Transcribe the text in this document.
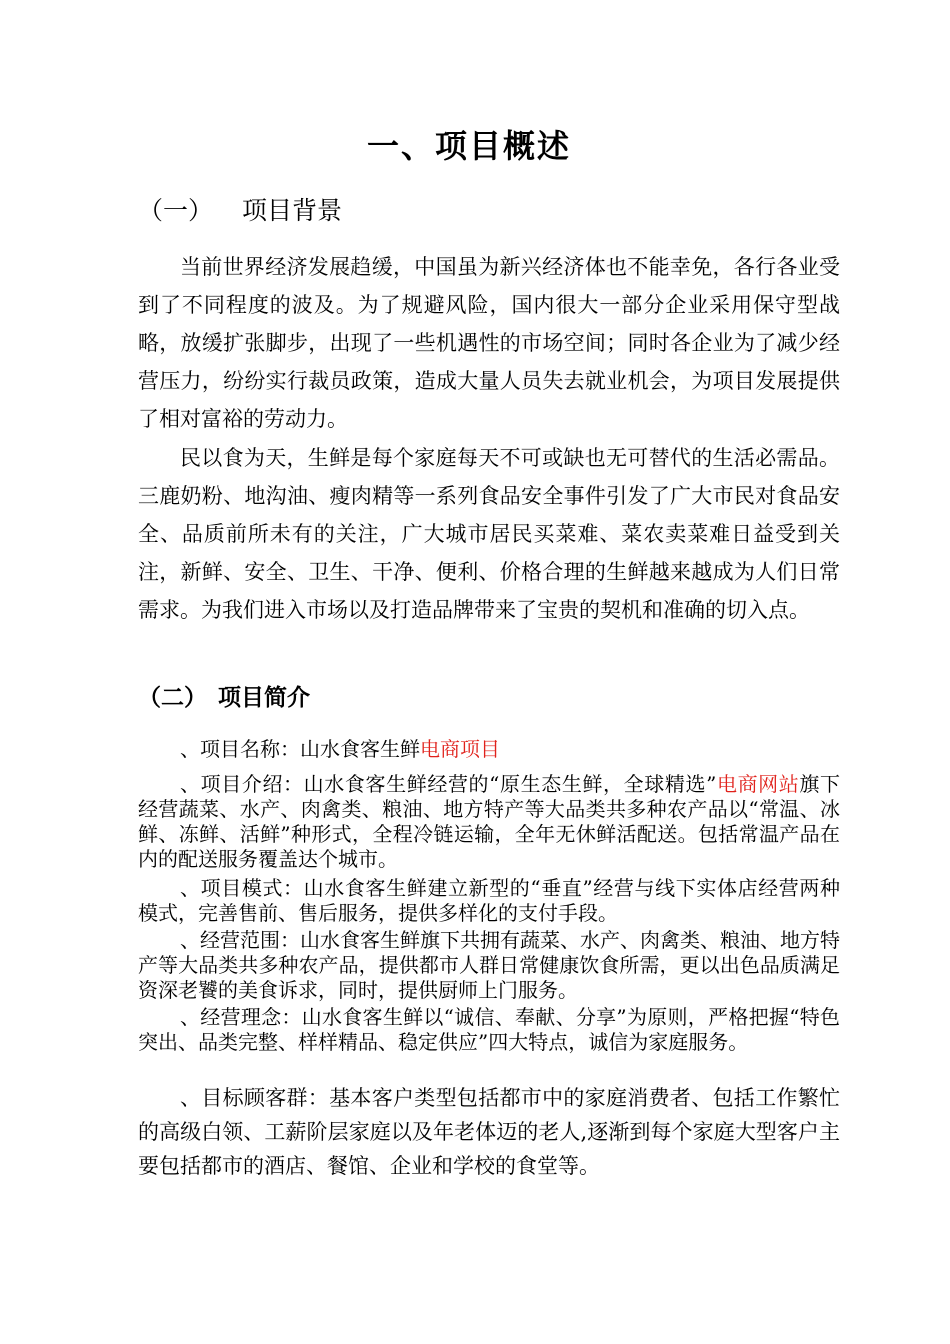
一、项目概述
（一） 项目背景

当前世界经济发展趋缓，中国虽为新兴经济体也不能幸免，各行各业受到了不同程度的波及。为了规避风险，国内很大一部分企业采用保守型战略，放缓扩张脚步，出现了一些机遇性的市场空间；同时各企业为了减少经营压力，纷纷实行裁员政策，造成大量人员失去就业机会，为项目发展提供了相对富裕的劳动力。

民以食为天，生鲜是每个家庭每天不可或缺也无可替代的生活必需品。三鹿奶粉、地沟油、瘦肉精等一系列食品安全事件引发了广大市民对食品安全、品质前所未有的关注，广大城市居民买菜难、菜农卖菜难日益受到关注，新鲜、安全、卫生、干净、便利、价格合理的生鲜越来越成为人们日常需求。为我们进入市场以及打造品牌带来了宝贵的契机和准确的切入点。

（二） 项目简介

、项目名称：山水食客生鲜电商项目

、项目介绍：山水食客生鲜经营的“原生态生鲜，全球精选”电商网站旗下经营蔬菜、水产、肉禽类、粮油、地方特产等大品类共多种农产品以“常温、冰鲜、冻鲜、活鲜”种形式，全程冷链运输，全年无休鲜活配送。包括常温产品在内的配送服务覆盖达个城市。

、项目模式：山水食客生鲜建立新型的“垂直”经营与线下实体店经营两种模式，完善售前、售后服务，提供多样化的支付手段。

、经营范围：山水食客生鲜旗下共拥有蔬菜、水产、肉禽类、粮油、地方特产等大品类共多种农产品，提供都市人群日常健康饮食所需，更以出色品质满足资深老饕的美食诉求，同时，提供厨师上门服务。

、经营理念：山水食客生鲜以“诚信、奉献、分享”为原则，严格把握“特色突出、品类完整、样样精品、稳定供应”四大特点，诚信为家庭服务。

、目标顾客群：基本客户类型包括都市中的家庭消费者、包括工作繁忙的高级白领、工薪阶层家庭以及年老体迈的老人,逐渐到每个家庭大型客户主要包括都市的酒店、餐馆、企业和学校的食堂等。
